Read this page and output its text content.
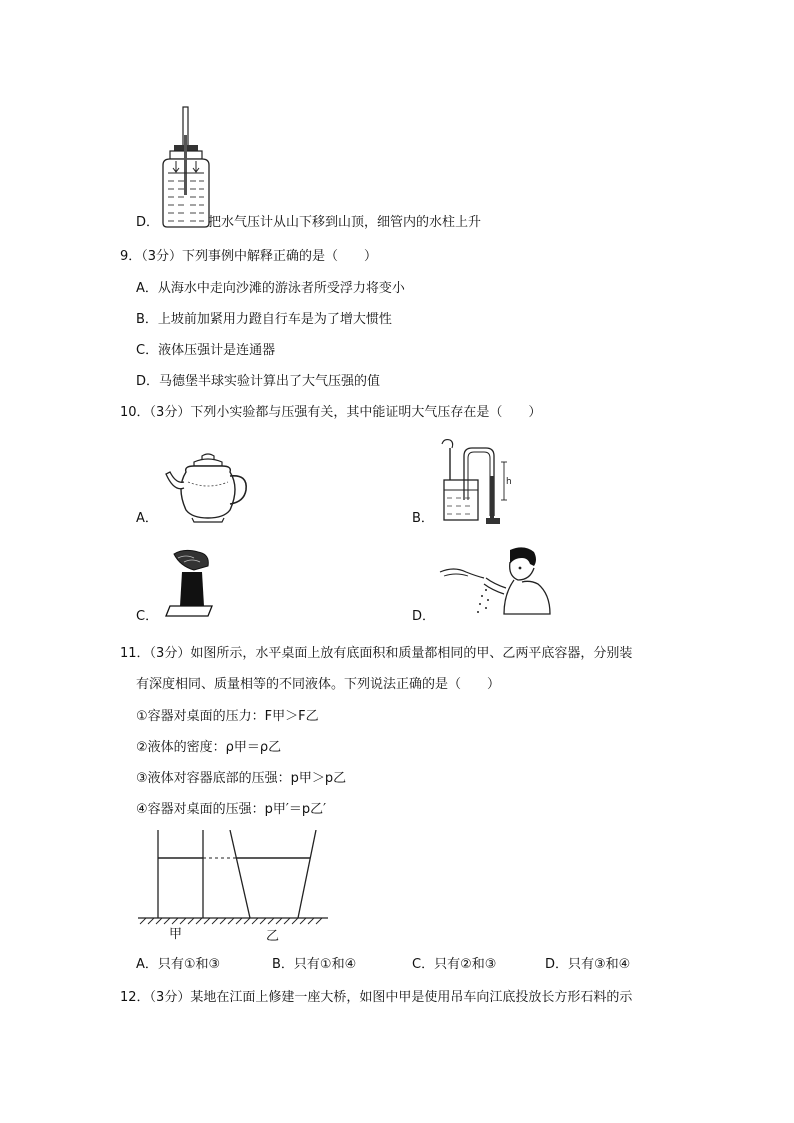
D．	把水气压计从山下移到山顶，细管内的水柱上升
9．（3分）下列事例中解释正确的是（　　）
A．从海水中走向沙滩的游泳者所受浮力将变小
B．上坡前加紧用力蹬自行车是为了增大惯性
C．液体压强计是连通器
D．马德堡半球实验计算出了大气压强的值
10．（3分）下列小实验都与压强有关，其中能证明大气压存在是（　　）
A．
h
B．
C．	D．
11．（3分）如图所示，水平桌面上放有底面积和质量都相同的甲、乙两平底容器，分别装
有深度相同、质量相等的不同液体。下列说法正确的是（　　）
①容器对桌面的压力：F甲＞F乙
②液体的密度：ρ甲＝ρ乙
③液体对容器底部的压强：p甲＞p乙
④容器对桌面的压强：p甲′＝p乙′
甲	乙
A．只有①和③	B．只有①和④	C．只有②和③	D．只有③和④
12．（3分）某地在江面上修建一座大桥，如图中甲是使用吊车向江底投放长方形石料的示
